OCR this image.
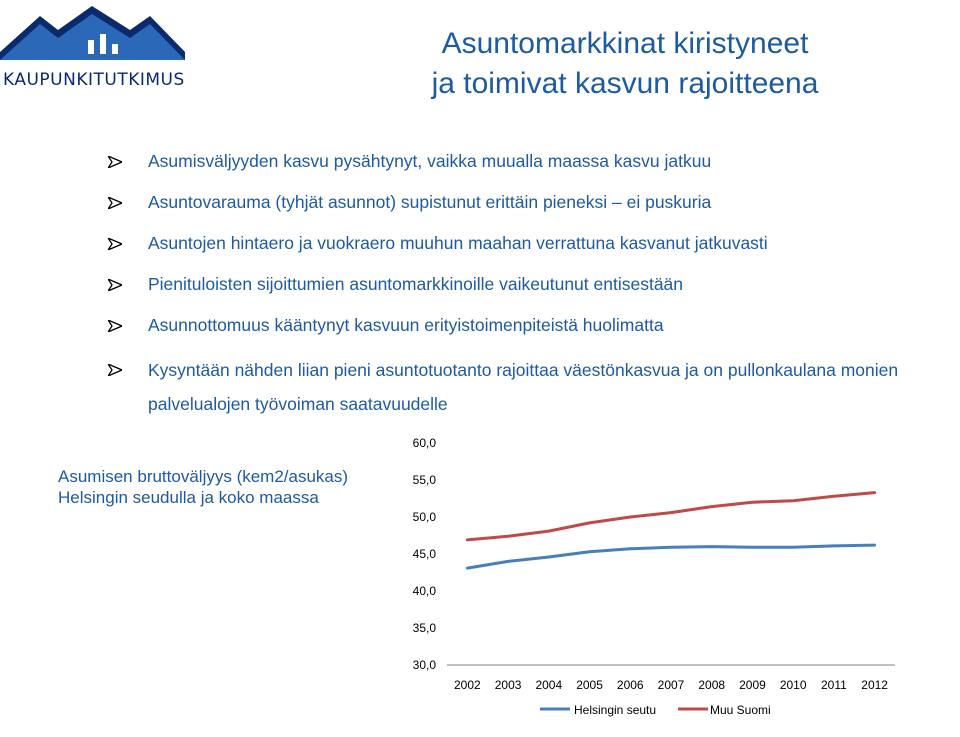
KAUPUNKITUTKIMUS
Asuntomarkkinat kiristyneet
ja toimivat kasvun rajoitteena
Asumisväljyyden kasvu pysähtynyt, vaikka muualla maassa kasvu jatkuu
Asuntovarauma (tyhjät asunnot) supistunut erittäin pieneksi – ei puskuria
Asuntojen hintaero ja vuokraero muuhun maahan verrattuna kasvanut jatkuvasti
Pienituloisten sijoittumien asuntomarkkinoille vaikeutunut entisestään
Asunnottomuus kääntynyt kasvuun erityistoimenpiteistä huolimatta
Kysyntään nähden liian pieni asuntotuotanto rajoittaa väestönkasvua ja on pullonkaulana monien palvelualojen työvoiman saatavuudelle
Asumisen bruttoväljyys (kem2/asukas)
Helsingin seudulla ja koko maassa
30,0
35,0
40,0
45,0
50,0
55,0
60,0
2002 2003 2004 2005 2006 2007 2008 2009 2010 2011 2012
Helsingin seutu	Muu Suomi
